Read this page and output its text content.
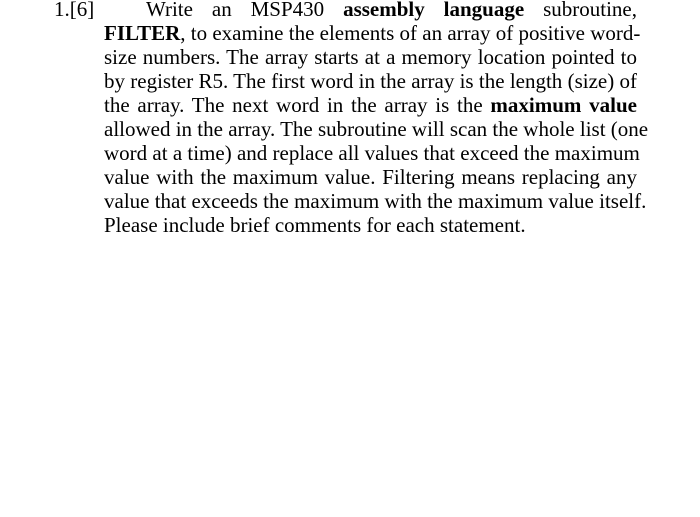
1.[6] Write an MSP430 assembly language subroutine,
FILTER, to examine the elements of an array of positive word-
size numbers. The array starts at a memory location pointed to
by register R5. The first word in the array is the length (size) of
the array. The next word in the array is the maximum value
allowed in the array. The subroutine will scan the whole list (one
word at a time) and replace all values that exceed the maximum
value with the maximum value. Filtering means replacing any
value that exceeds the maximum with the maximum value itself.
Please include brief comments for each statement.
